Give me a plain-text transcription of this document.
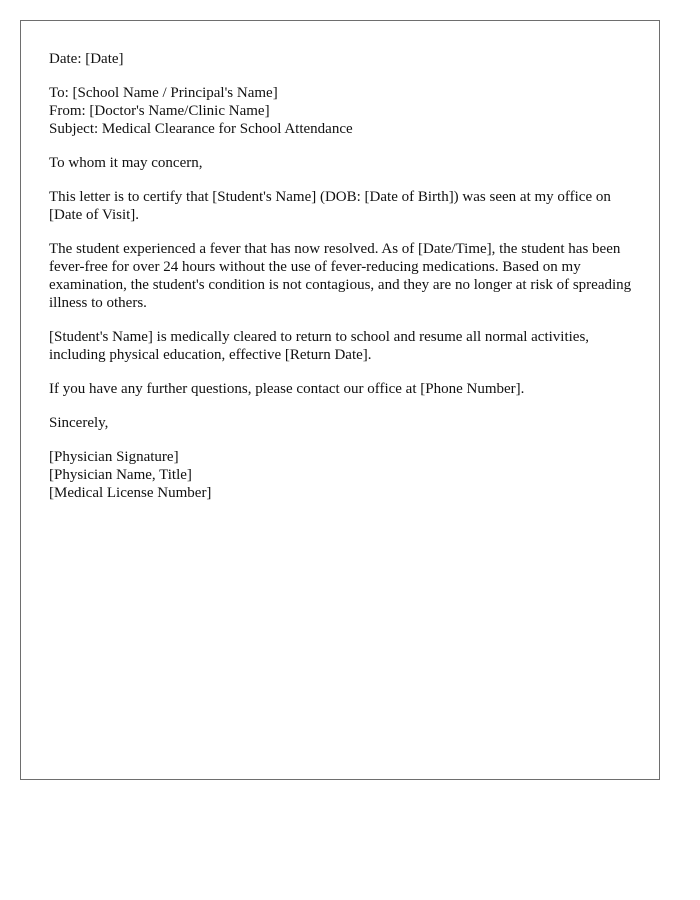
Date: [Date]

To: [School Name / Principal's Name]
From: [Doctor's Name/Clinic Name]
Subject: Medical Clearance for School Attendance

To whom it may concern,

This letter is to certify that [Student's Name] (DOB: [Date of Birth]) was seen at my office on [Date of Visit].

The student experienced a fever that has now resolved. As of [Date/Time], the student has been fever-free for over 24 hours without the use of fever-reducing medications. Based on my examination, the student's condition is not contagious, and they are no longer at risk of spreading illness to others.

[Student's Name] is medically cleared to return to school and resume all normal activities, including physical education, effective [Return Date].

If you have any further questions, please contact our office at [Phone Number].

Sincerely,

[Physician Signature]
[Physician Name, Title]
[Medical License Number]
